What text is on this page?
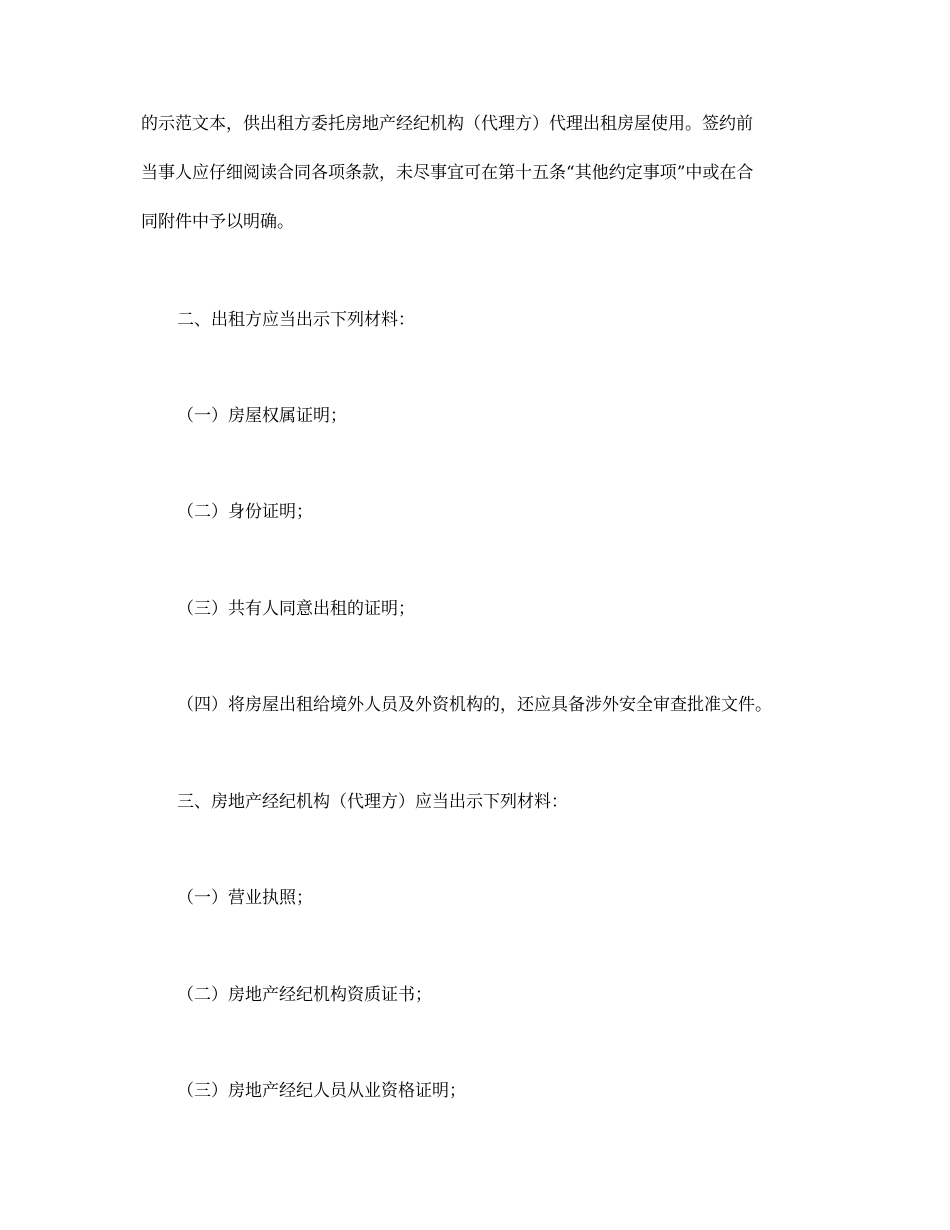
的示范文本，供出租方委托房地产经纪机构（代理方）代理出租房屋使用。签约前

当事人应仔细阅读合同各项条款，未尽事宜可在第十五条“其他约定事项”中或在合

同附件中予以明确。

二、出租方应当出示下列材料：

（一）房屋权属证明；

（二）身份证明；

（三）共有人同意出租的证明；

（四）将房屋出租给境外人员及外资机构的，还应具备涉外安全审查批准文件。

三、房地产经纪机构（代理方）应当出示下列材料：

（一）营业执照；

（二）房地产经纪机构资质证书；

（三）房地产经纪人员从业资格证明；
